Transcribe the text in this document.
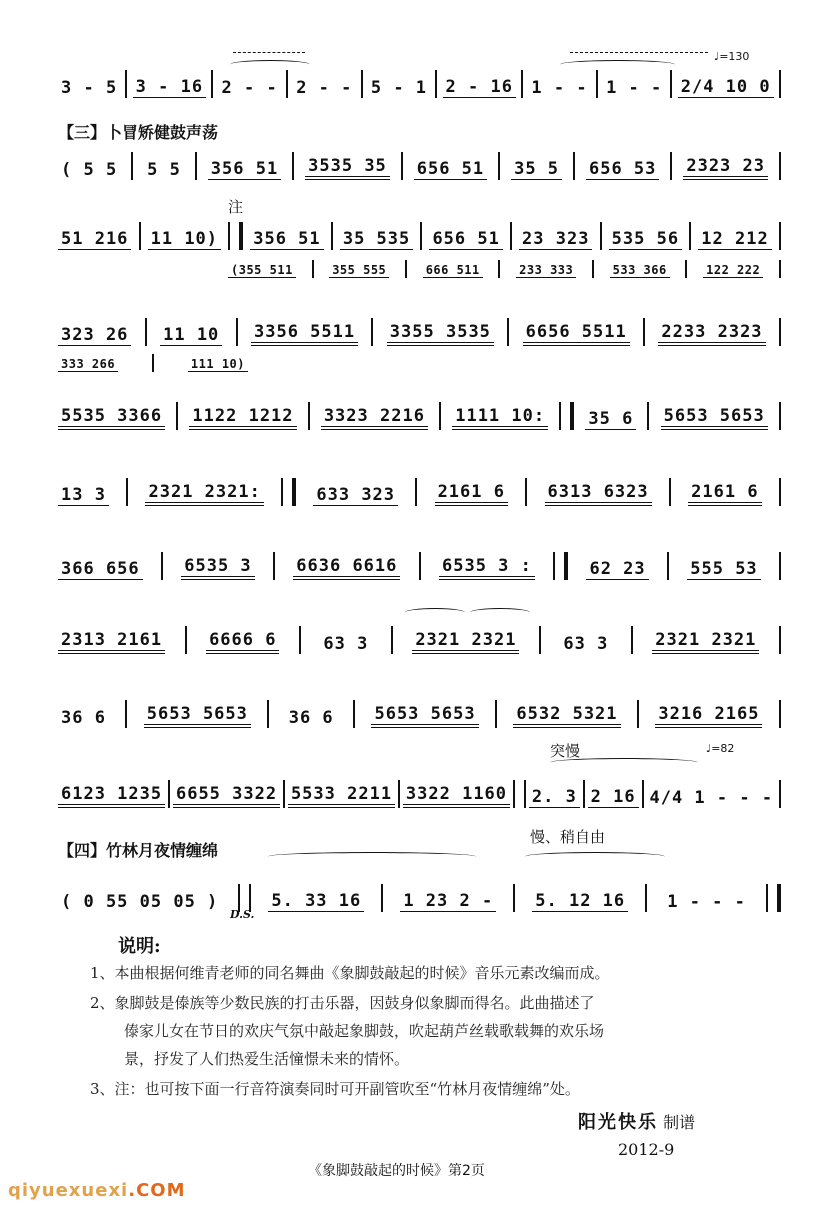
♩=130
3 - 5 3 - 16 2 - - 2 - - 5 - 1 2 - 16 1 - - 1 - - 2/4 10 0
【三】卜冒矫健鼓声荡
( 5 5 5 5 356 51 3535 35 656 51 35 5 656 53 2323 23
注
51 216 11 10) 356 51 35 535 656 51 23 323 535 56 12 212
(355 511	355 555	666 511	233 333	533 366	122 222
323 26 11 10 3356 5511 3355 3535 6656 5511 2233 2323
333 266	111 10)
5535 3366 1122 1212 3323 2216 1111 10:	35 6 5653 5653
13 3	2321 2321:	633 323	2161 6	6313 6323	2161 6
366 656	6535 3	6636 6616	6535 3 :	62 23	555 53
2313 2161	6666 6	63 3	2321 2321	63 3	2321 2321
36 6 5653 5653 36 6 5653 5653 6532 5321 3216 2165
突慢	♩=82
6123 1235 6655 3322 5533 2211 3322 1160 2. 3 2 16 4/4 1 - - -
【四】竹林月夜情缠绵
慢、稍自由
( 0 55 05 05 )	5. 33 16 1 23 2 - 5. 12 16 1 - - -
D.S.
说明:
1、本曲根据何维青老师的同名舞曲《象脚鼓敲起的时候》音乐元素改编而成。
2、象脚鼓是傣族等少数民族的打击乐器，因鼓身似象脚而得名。此曲描述了
傣家儿女在节日的欢庆气氛中敲起象脚鼓，吹起葫芦丝载歌载舞的欢乐场
景，抒发了人们热爱生活憧憬未来的情怀。
3、注：也可按下面一行音符演奏同时可开副管吹至“竹林月夜情缠绵”处。
阳光快乐 制谱
2012-9
《象脚鼓敲起的时候》第2页
qiyuexuexi.COM
